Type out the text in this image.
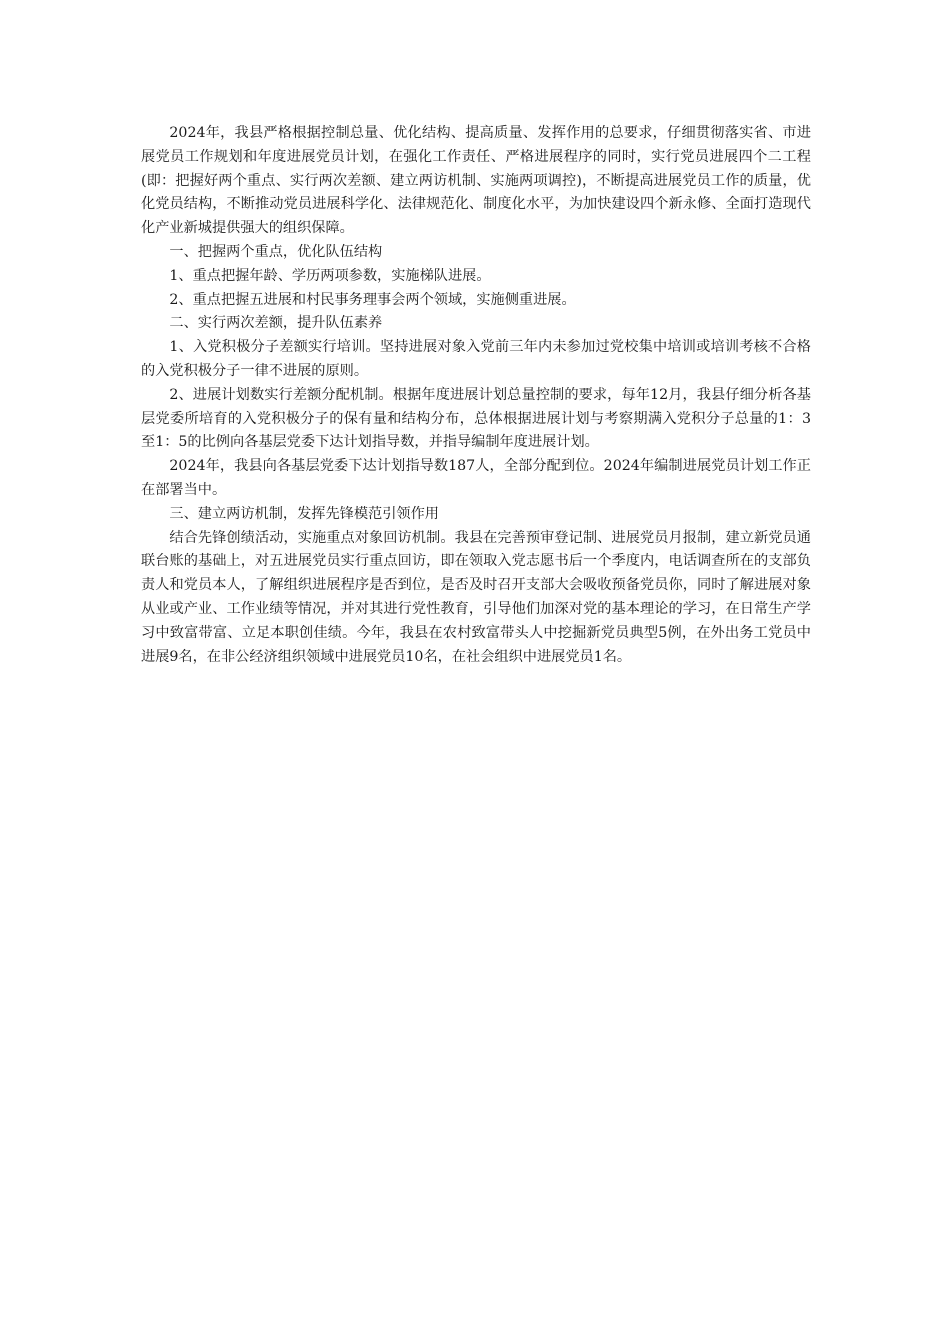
2024年，我县严格根据控制总量、优化结构、提高质量、发挥作用的总要求，仔细贯彻落实省、市进展党员工作规划和年度进展党员计划，在强化工作责任、严格进展程序的同时，实行党员进展四个二工程(即：把握好两个重点、实行两次差额、建立两访机制、实施两项调控)，不断提高进展党员工作的质量，优化党员结构，不断推动党员进展科学化、法律规范化、制度化水平，为加快建设四个新永修、全面打造现代化产业新城提供强大的组织保障。

一、把握两个重点，优化队伍结构

1、重点把握年龄、学历两项参数，实施梯队进展。

2、重点把握五进展和村民事务理事会两个领域，实施侧重进展。

二、实行两次差额，提升队伍素养

1、入党积极分子差额实行培训。坚持进展对象入党前三年内未参加过党校集中培训或培训考核不合格的入党积极分子一律不进展的原则。

2、进展计划数实行差额分配机制。根据年度进展计划总量控制的要求，每年12月，我县仔细分析各基层党委所培育的入党积极分子的保有量和结构分布，总体根据进展计划与考察期满入党积分子总量的1：3至1：5的比例向各基层党委下达计划指导数，并指导编制年度进展计划。

2024年，我县向各基层党委下达计划指导数187人，全部分配到位。2024年编制进展党员计划工作正在部署当中。

三、建立两访机制，发挥先锋模范引领作用

结合先锋创绩活动，实施重点对象回访机制。我县在完善预审登记制、进展党员月报制，建立新党员通联台账的基础上，对五进展党员实行重点回访，即在领取入党志愿书后一个季度内，电话调查所在的支部负责人和党员本人，了解组织进展程序是否到位，是否及时召开支部大会吸收预备党员你，同时了解进展对象从业或产业、工作业绩等情况，并对其进行党性教育，引导他们加深对党的基本理论的学习，在日常生产学习中致富带富、立足本职创佳绩。今年，我县在农村致富带头人中挖掘新党员典型5例，在外出务工党员中进展9名，在非公经济组织领域中进展党员10名，在社会组织中进展党员1名。
